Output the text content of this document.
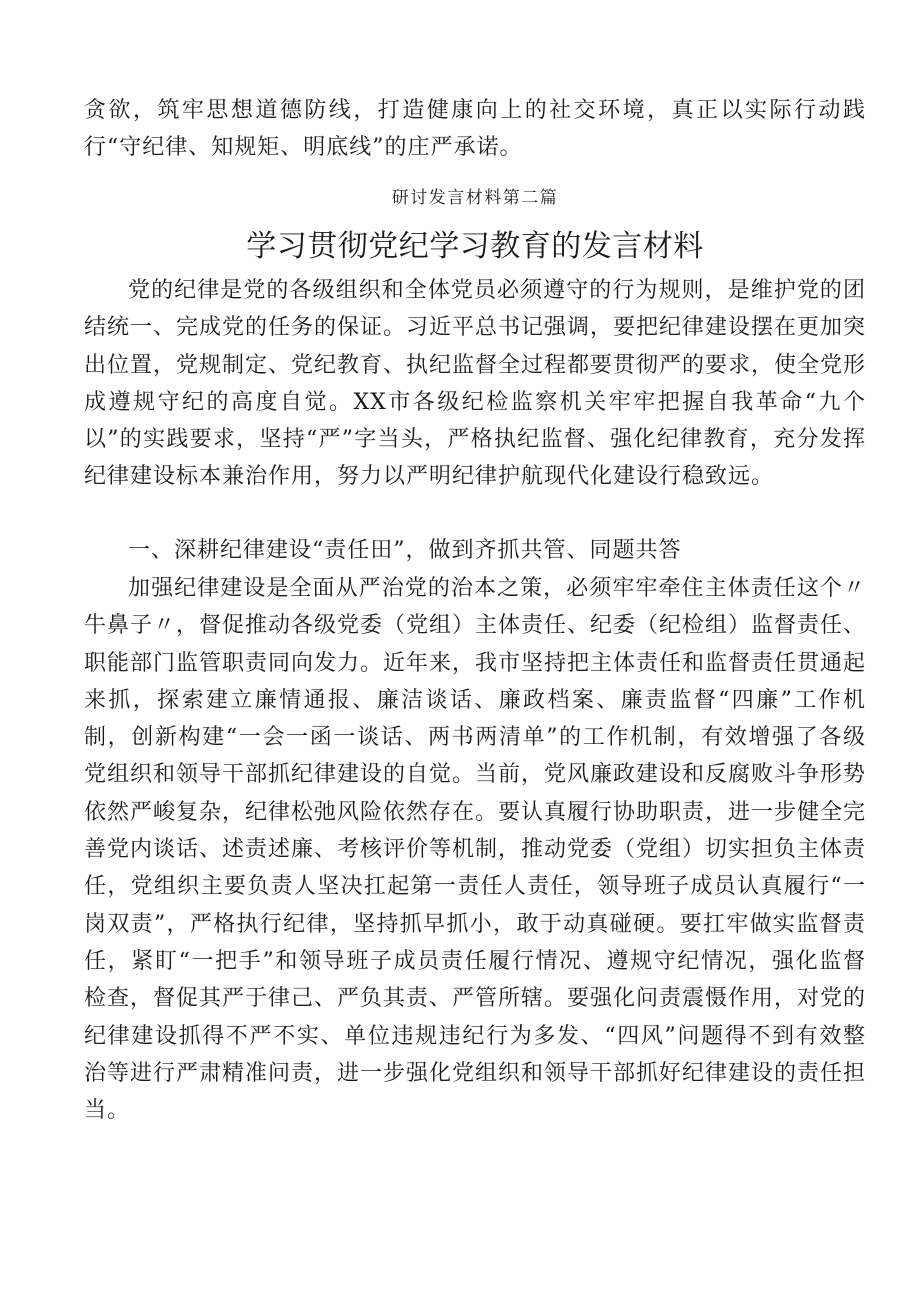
贪欲，筑牢思想道德防线，打造健康向上的社交环境，真正以实际行动践行“守纪律、知规矩、明底线”的庄严承诺。

研讨发言材料第二篇

学习贯彻党纪学习教育的发言材料

党的纪律是党的各级组织和全体党员必须遵守的行为规则，是维护党的团结统一、完成党的任务的保证。习近平总书记强调，要把纪律建设摆在更加突出位置，党规制定、党纪教育、执纪监督全过程都要贯彻严的要求，使全党形成遵规守纪的高度自觉。XX市各级纪检监察机关牢牢把握自我革命“九个以”的实践要求，坚持“严”字当头，严格执纪监督、强化纪律教育，充分发挥纪律建设标本兼治作用，努力以严明纪律护航现代化建设行稳致远。

一、深耕纪律建设“责任田”，做到齐抓共管、同题共答

加强纪律建设是全面从严治党的治本之策，必须牢牢牵住主体责任这个〃牛鼻子〃，督促推动各级党委（党组）主体责任、纪委（纪检组）监督责任、职能部门监管职责同向发力。近年来，我市坚持把主体责任和监督责任贯通起来抓，探索建立廉情通报、廉洁谈话、廉政档案、廉责监督“四廉”工作机制，创新构建“一会一函一谈话、两书两清单”的工作机制，有效增强了各级党组织和领导干部抓纪律建设的自觉。当前，党风廉政建设和反腐败斗争形势依然严峻复杂，纪律松弛风险依然存在。要认真履行协助职责，进一步健全完善党内谈话、述责述廉、考核评价等机制，推动党委（党组）切实担负主体责任，党组织主要负责人坚决扛起第一责任人责任，领导班子成员认真履行“一岗双责”，严格执行纪律，坚持抓早抓小，敢于动真碰硬。要扛牢做实监督责任，紧盯“一把手”和领导班子成员责任履行情况、遵规守纪情况，强化监督检查，督促其严于律己、严负其责、严管所辖。要强化问责震慑作用，对党的纪律建设抓得不严不实、单位违规违纪行为多发、“四风”问题得不到有效整治等进行严肃精准问责，进一步强化党组织和领导干部抓好纪律建设的责任担当。
